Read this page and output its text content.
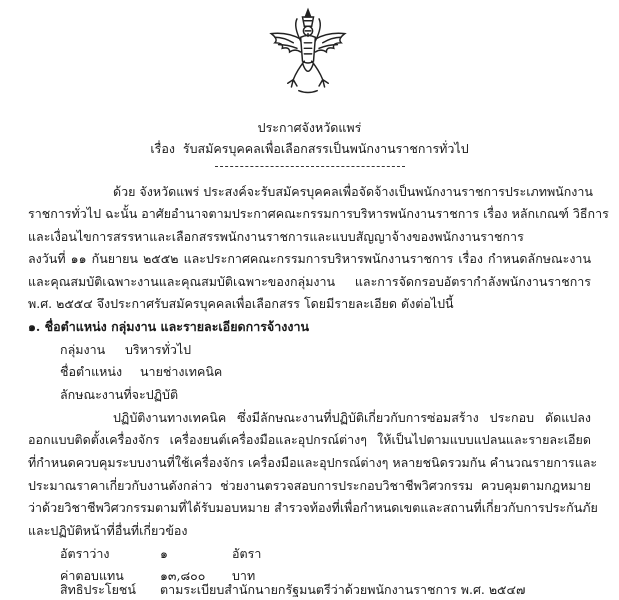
ประกาศจังหวัดแพร่
เรื่อง รับสมัครบุคคลเพื่อเลือกสรรเป็นพนักงานราชการทั่วไป
ด้วย จังหวัดแพร่ ประสงค์จะรับสมัครบุคคลเพื่อจัดจ้างเป็นพนักงานราชการประเภทพนักงาน
ราชการทั่วไป ฉะนั้น อาศัยอำนาจตามประกาศคณะกรรมการบริหารพนักงานราชการ เรื่อง หลักเกณฑ์ วิธีการ
และเงื่อนไขการสรรหาและเลือกสรรพนักงานราชการและแบบสัญญาจ้างของพนักงานราชการ
ลงวันที่ ๑๑ กันยายน ๒๕๕๒ และประกาศคณะกรรมการบริหารพนักงานราชการ เรื่อง กำหนดลักษณะงาน
และคุณสมบัติเฉพาะงานและคุณสมบัติเฉพาะของกลุ่มงาน และการจัดกรอบอัตรากำลังพนักงานราชการ
พ.ศ. ๒๕๕๔ จึงประกาศรับสมัครบุคคลเพื่อเลือกสรร โดยมีรายละเอียด ดังต่อไปนี้
๑. ชื่อตำแหน่ง กลุ่มงาน และรายละเอียดการจ้างงาน
กลุ่มงาน บริหารทั่วไป
ชื่อตำแหน่ง นายช่างเทคนิค
ลักษณะงานที่จะปฏิบัติ
ปฏิบัติงานทางเทคนิค ซึ่งมีลักษณะงานที่ปฏิบัติเกี่ยวกับการซ่อมสร้าง ประกอบ ดัดแปลง
ออกแบบติดตั้งเครื่องจักร เครื่องยนต์เครื่องมือและอุปกรณ์ต่างๆ ให้เป็นไปตามแบบแปลนและรายละเอียด
ที่กำหนดควบคุมระบบงานที่ใช้เครื่องจักร เครื่องมือและอุปกรณ์ต่างๆ หลายชนิดรวมกัน คำนวณรายการและ
ประมาณราคาเกี่ยวกับงานดังกล่าว ช่วยงานตรวจสอบการประกอบวิชาชีพวิศวกรรม ควบคุมตามกฎหมาย
ว่าด้วยวิชาชีพวิศวกรรมตามที่ได้รับมอบหมาย สำรวจท้องที่เพื่อกำหนดเขตและสถานที่เกี่ยวกับการประกันภัย
และปฏิบัติหน้าที่อื่นที่เกี่ยวข้อง
อัตราว่าง	๑	อัตรา
ค่าตอบแทน	๑๓,๘๐๐ บาท
สิทธิประโยชน์ ตามระเบียบสำนักนายกรัฐมนตรีว่าด้วยพนักงานราชการ พ.ศ. ๒๕๔๗
